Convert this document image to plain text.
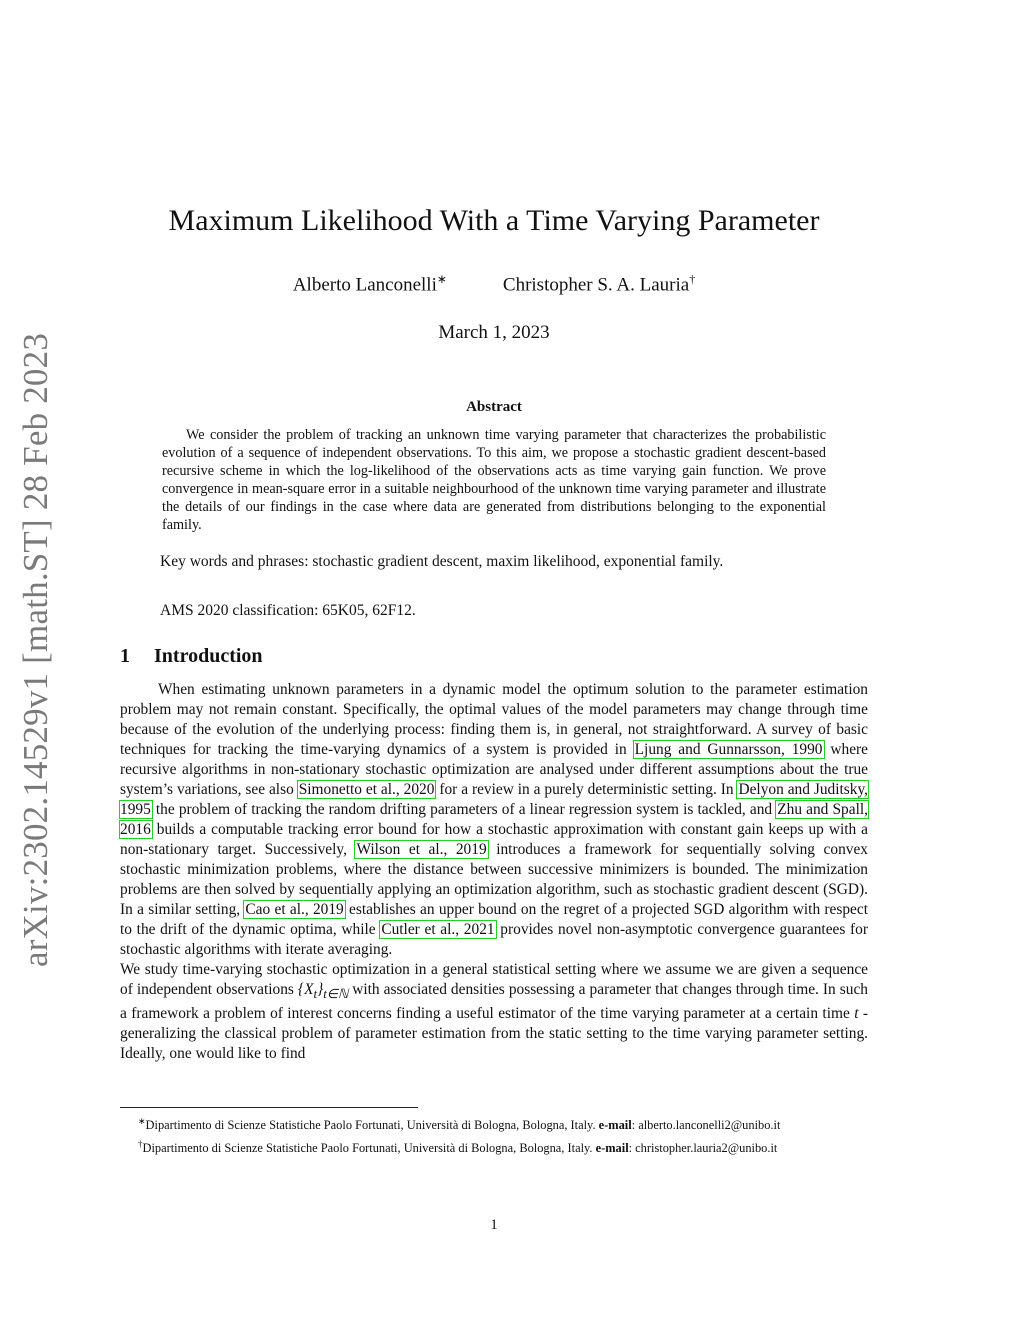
arXiv:2302.14529v1 [math.ST] 28 Feb 2023
Maximum Likelihood With a Time Varying Parameter
Alberto Lanconelli∗	Christopher S. A. Lauria†
March 1, 2023
Abstract

We consider the problem of tracking an unknown time varying parameter that characterizes the probabilistic evolution of a sequence of independent observations. To this aim, we propose a stochastic gradient descent-based recursive scheme in which the log-likelihood of the observations acts as time varying gain function. We prove convergence in mean-square error in a suitable neighbourhood of the unknown time varying parameter and illustrate the details of our findings in the case where data are generated from distributions belonging to the exponential family.

Key words and phrases: stochastic gradient descent, maxim likelihood, exponential family.
AMS 2020 classification: 65K05, 62F12.
1 Introduction

When estimating unknown parameters in a dynamic model the optimum solution to the parameter estimation problem may not remain constant. Specifically, the optimal values of the model parameters may change through time because of the evolution of the underlying process: finding them is, in general, not straightforward. A survey of basic techniques for tracking the time-varying dynamics of a system is provided in Ljung and Gunnarsson, 1990 where recursive algorithms in non-stationary stochastic optimization are analysed under different assumptions about the true system’s variations, see also Simonetto et al., 2020 for a review in a purely deterministic setting. In Delyon and Juditsky, 1995 the problem of tracking the random drifting parameters of a linear regression system is tackled, and Zhu and Spall, 2016 builds a computable tracking error bound for how a stochastic approximation with constant gain keeps up with a non-stationary target. Successively, Wilson et al., 2019 introduces a framework for sequentially solving convex stochastic minimization problems, where the distance between successive minimizers is bounded. The minimization problems are then solved by sequentially applying an optimization algorithm, such as stochastic gradient descent (SGD). In a similar setting, Cao et al., 2019 establishes an upper bound on the regret of a projected SGD algorithm with respect to the drift of the dynamic optima, while Cutler et al., 2021 provides novel non-asymptotic convergence guarantees for stochastic algorithms with iterate averaging.

We study time-varying stochastic optimization in a general statistical setting where we assume we are given a sequence of independent observations $\{X_t\}_{t\in ℕ}$ with associated densities possessing a parameter that changes through time. In such a framework a problem of interest concerns finding a useful estimator of the time varying parameter at a certain time t - generalizing the classical problem of parameter estimation from the static setting to the time varying parameter setting. Ideally, one would like to find

∗Dipartimento di Scienze Statistiche Paolo Fortunati, Università di Bologna, Bologna, Italy. e-mail: alberto.lanconelli2@unibo.it

†Dipartimento di Scienze Statistiche Paolo Fortunati, Università di Bologna, Bologna, Italy. e-mail: christopher.lauria2@unibo.it

1
